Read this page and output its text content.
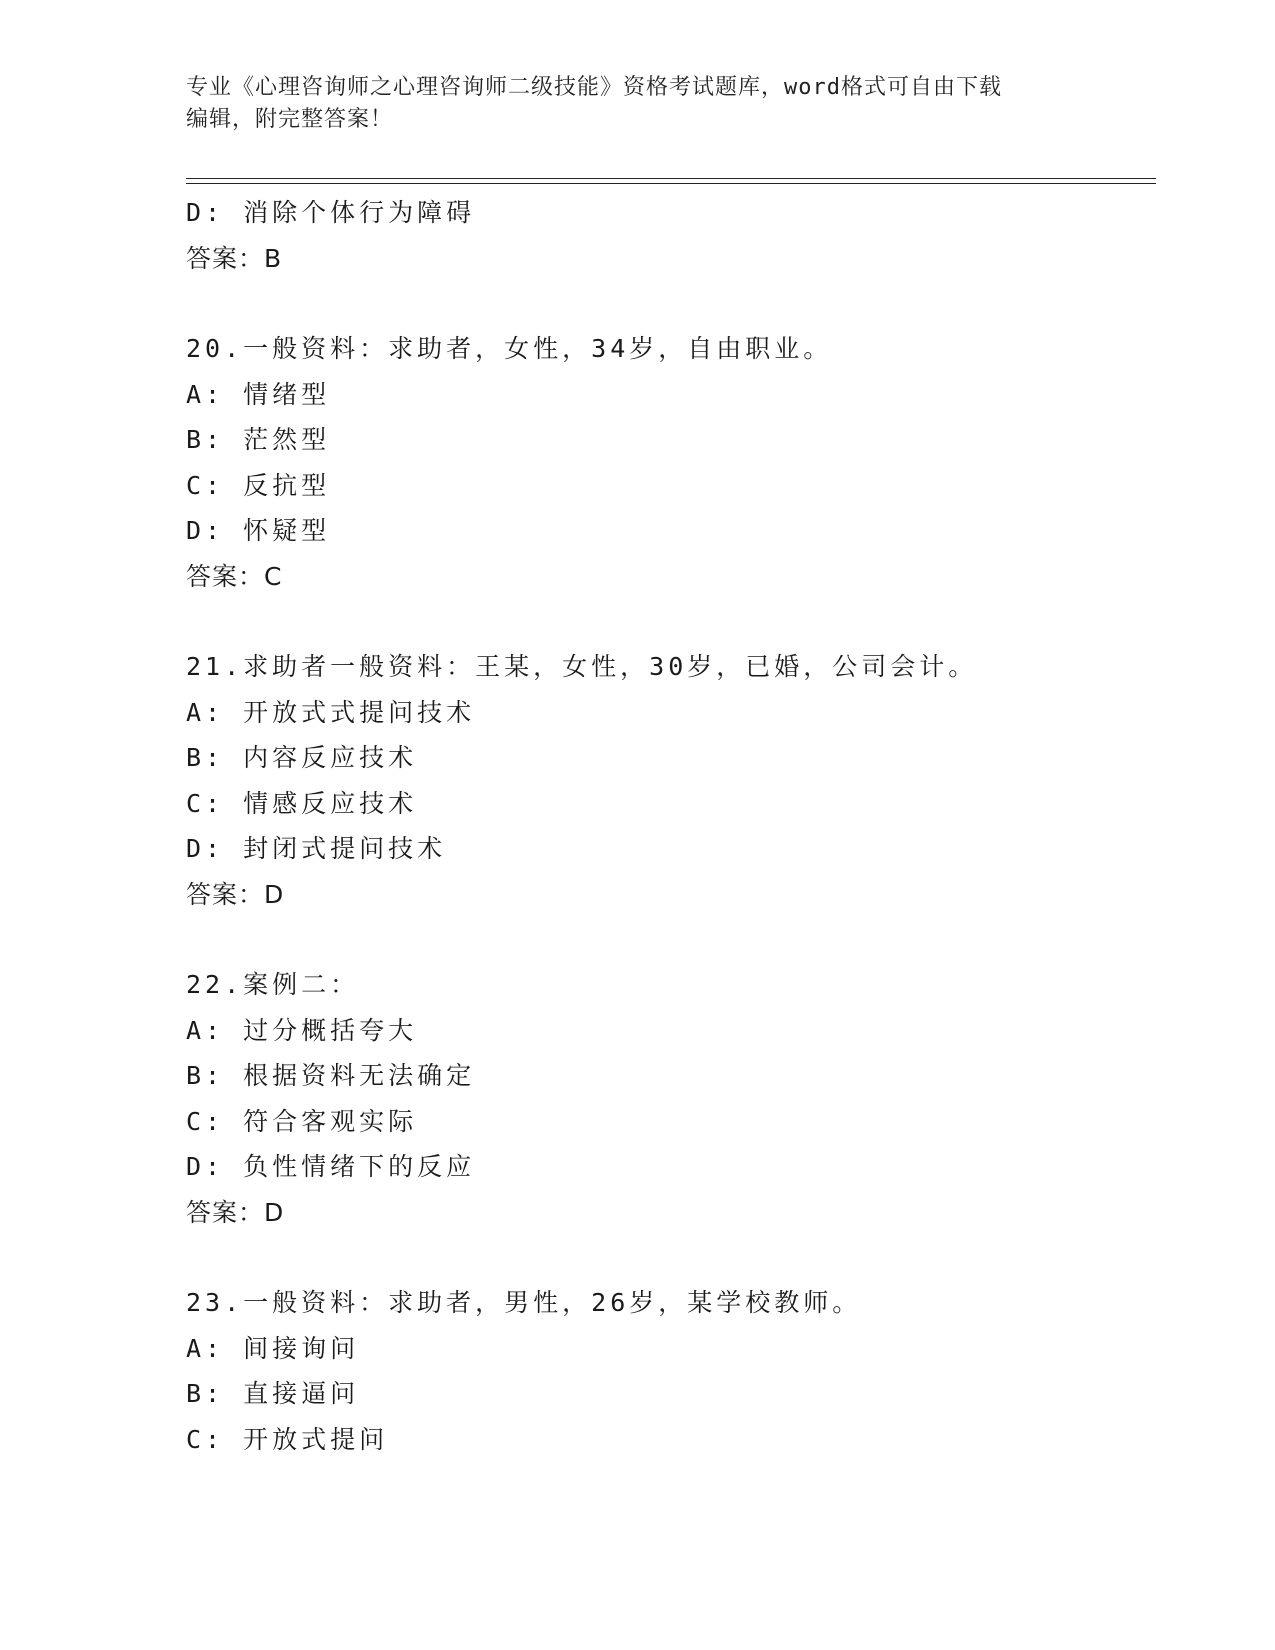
专业《心理咨询师之心理咨询师二级技能》资格考试题库，word格式可自由下载
编辑，附完整答案！
D: 消除个体行为障碍
答案：B
20.一般资料：求助者，女性，34岁，自由职业。
A: 情绪型
B: 茫然型
C: 反抗型
D: 怀疑型
答案：C
21.求助者一般资料：王某，女性，30岁，已婚，公司会计。
A: 开放式式提问技术
B: 内容反应技术
C: 情感反应技术
D: 封闭式提问技术
答案：D
22.案例二：
A: 过分概括夸大
B: 根据资料无法确定
C: 符合客观实际
D: 负性情绪下的反应
答案：D
23.一般资料：求助者，男性，26岁，某学校教师。
A: 间接询问
B: 直接逼问
C: 开放式提问
